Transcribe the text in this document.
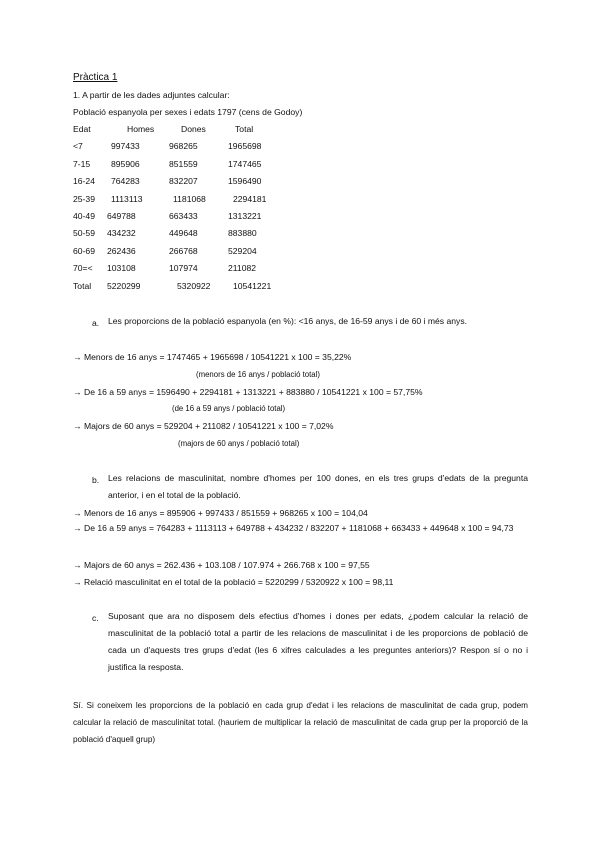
Pràctica 1
1. A partir de les dades adjuntes calcular:
Població espanyola per sexes i edats 1797 (cens de Godoy)
Edat	Homes	Dones	Total
<7	997433	968265	1965698
7-15 895906	851559	1747465
16-24 764283	832207	1596490
25-39 1113113	1181068	2294181
40-49 649788	663433	1313221
50-59 434232	449648	883880
60-69 262436	266768	529204
70=< 103108	107974	211082
Total 5220299	5320922	10541221
a. Les proporcions de la població espanyola (en %): <16 anys, de 16-59 anys i de 60 i més anys.
→ Menors de 16 anys = 1747465 + 1965698 / 10541221 x 100 = 35,22%
(menors de 16 anys / població total)
→ De 16 a 59 anys = 1596490 + 2294181 + 1313221 + 883880 / 10541221 x 100 = 57,75%
(de 16 a 59 anys / població total)
→ Majors de 60 anys = 529204 + 211082 / 10541221 x 100 = 7,02%
(majors de 60 anys / població total)
b. Les relacions de masculinitat, nombre d'homes per 100 dones, en els tres grups d'edats de la pregunta anterior, i en el total de la població.
→ Menors de 16 anys = 895906 + 997433 / 851559 + 968265 x 100 = 104,04
→ De 16 a 59 anys = 764283 + 1113113 + 649788 + 434232 / 832207 + 1181068 + 663433 + 449648 x 100 = 94,73
→ Majors de 60 anys = 262.436 + 103.108 / 107.974 + 266.768 x 100 = 97,55
→ Relació masculinitat en el total de la població = 5220299 / 5320922 x 100 = 98,11
c. Suposant que ara no disposem dels efectius d'homes i dones per edats, ¿podem calcular la relació de masculinitat de la població total a partir de les relacions de masculinitat i de les proporcions de població de cada un d'aquests tres grups d'edat (les 6 xifres calculades a les preguntes anteriors)? Respon sí o no i justifica la resposta.
Sí. Si coneixem les proporcions de la població en cada grup d'edat i les relacions de masculinitat de cada grup, podem calcular la relació de masculinitat total. (hauriem de multiplicar la relació de masculinitat de cada grup per la proporció de la població d'aquell grup)
